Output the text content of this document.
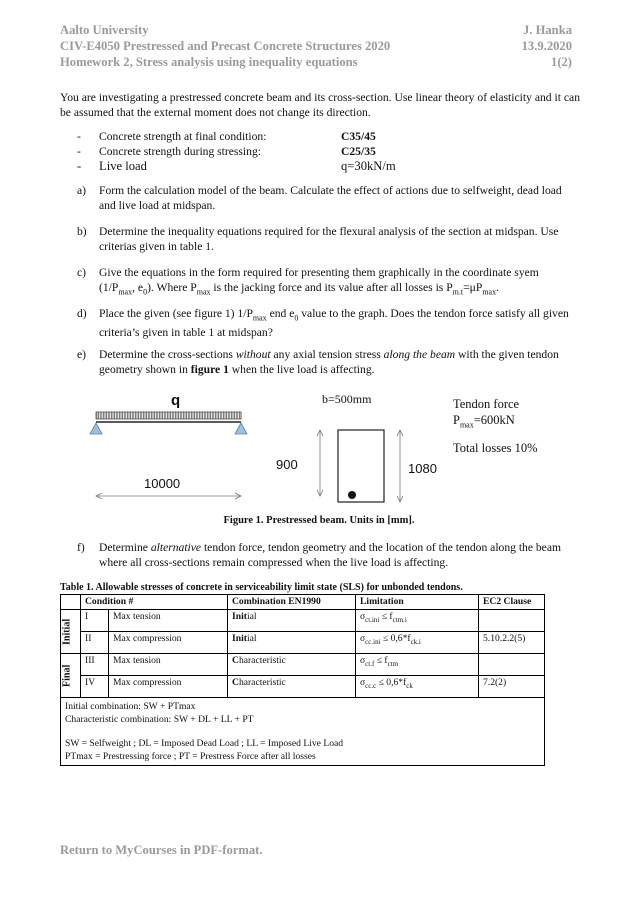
Aalto University	J. Hanka
CIV-E4050 Prestressed and Precast Concrete Structures 2020	13.9.2020
Homework 2, Stress analysis using inequality equations	1(2)
You are investigating a prestressed concrete beam and its cross-section. Use linear theory of elasticity and it can be assumed that the external moment does not change its direction.
- Concrete strength at final condition:	C35/45
- Concrete strength during stressing:	C25/35
- Live load	q=30kN/m
a) Form the calculation model of the beam. Calculate the effect of actions due to selfweight, dead load and live load at midspan.
b) Determine the inequality equations required for the flexural analysis of the section at midspan. Use criterias given in table 1.
c) Give the equations in the form required for presenting them graphically in the coordinate syem ($1/P_{max}$, $e_0$). Where $P_{max}$ is the jacking force and its value after all losses is $P_{m.t}=\mu P_{max}$.
d) Place the given (see figure 1) $1/P_{max}$ end $e_0$ value to the graph. Does the tendon force satisfy all given criteria’s given in table 1 at midspan?
e) Determine the cross-sections without any axial tension stress along the beam with the given tendon geometry shown in figure 1 when the live load is affecting.
q
10000
b=500mm
900	1080
Tendon force
$P_{max}=600kN$
Total losses 10%
Figure 1. Prestressed beam. Units in [mm].
f) Determine alternative tendon force, tendon geometry and the location of the tendon along the beam where all cross-sections remain compressed when the live load is affecting.
Table 1. Allowable stresses of concrete in serviceability limit state (SLS) for unbonded tendons.
	Condition #		Combination EN1990	Limitation	EC2 Clause
Initial	I	Max tension	Initial	$\sigma_{ct.ini} \le f_{ctm.i}$	
	II	Max compression	Initial	$\sigma_{cc.ini} \le 0,6*f_{ck.i}$	5.10.2.2(5)
Final	III	Max tension	Characteristic	$\sigma_{ct.f} \le f_{ctm}$	
	IV	Max compression	Characteristic	$\sigma_{cc.c} \le 0,6*f_{ck}$	7.2(2)

Initial combination: SW + PTmax
Characteristic combination: SW + DL + LL + PT
SW = Selfweight ; DL = Imposed Dead Load ; LL = Imposed Live Load
PTmax = Prestressing force ; PT = Prestress Force after all losses					
Return to MyCourses in PDF-format.
